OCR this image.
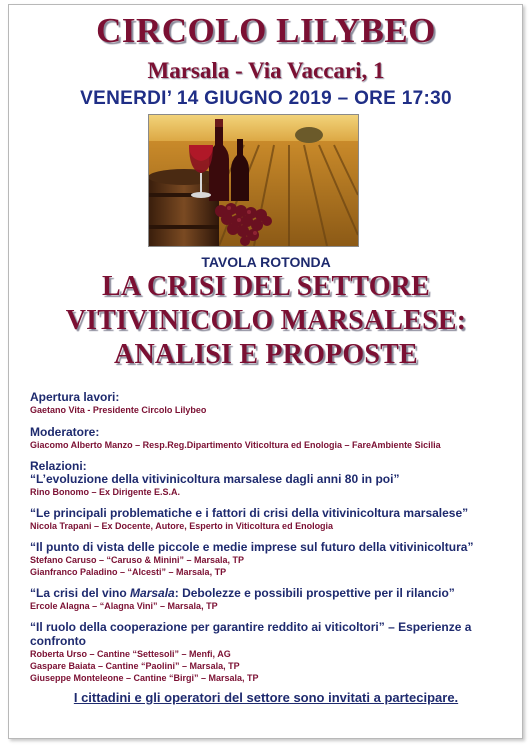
CIRCOLO LILYBEO
Marsala - Via Vaccari, 1
VENERDI’ 14 GIUGNO 2019 – ORE 17:30
TAVOLA ROTONDA
LA CRISI DEL SETTORE
VITIVINICOLO MARSALESE:
ANALISI E PROPOSTE
Apertura lavori:
Gaetano Vita - Presidente Circolo Lilybeo
Moderatore:
Giacomo Alberto Manzo – Resp.Reg.Dipartimento Viticoltura ed Enologia – FareAmbiente Sicilia
Relazioni:
“L’evoluzione della vitivinicoltura marsalese dagli anni 80 in poi”
Rino Bonomo – Ex Dirigente E.S.A.
“Le principali problematiche e i fattori di crisi della vitivinicoltura marsalese”
Nicola Trapani – Ex Docente, Autore, Esperto in Viticoltura ed Enologia
“Il punto di vista delle piccole e medie imprese sul futuro della vitivinicoltura”
Stefano Caruso – “Caruso & Minini” – Marsala, TP
Gianfranco Paladino – “Alcesti” – Marsala, TP
“La crisi del vino Marsala: Debolezze e possibili prospettive per il rilancio”
Ercole Alagna – “Alagna Vini” – Marsala, TP
“Il ruolo della cooperazione per garantire reddito ai viticoltori” – Esperienze a
confronto
Roberta Urso – Cantine “Settesoli” – Menfi, AG
Gaspare Baiata – Cantine “Paolini” – Marsala, TP
Giuseppe Monteleone – Cantine “Birgi” – Marsala, TP
I cittadini e gli operatori del settore sono invitati a partecipare.
